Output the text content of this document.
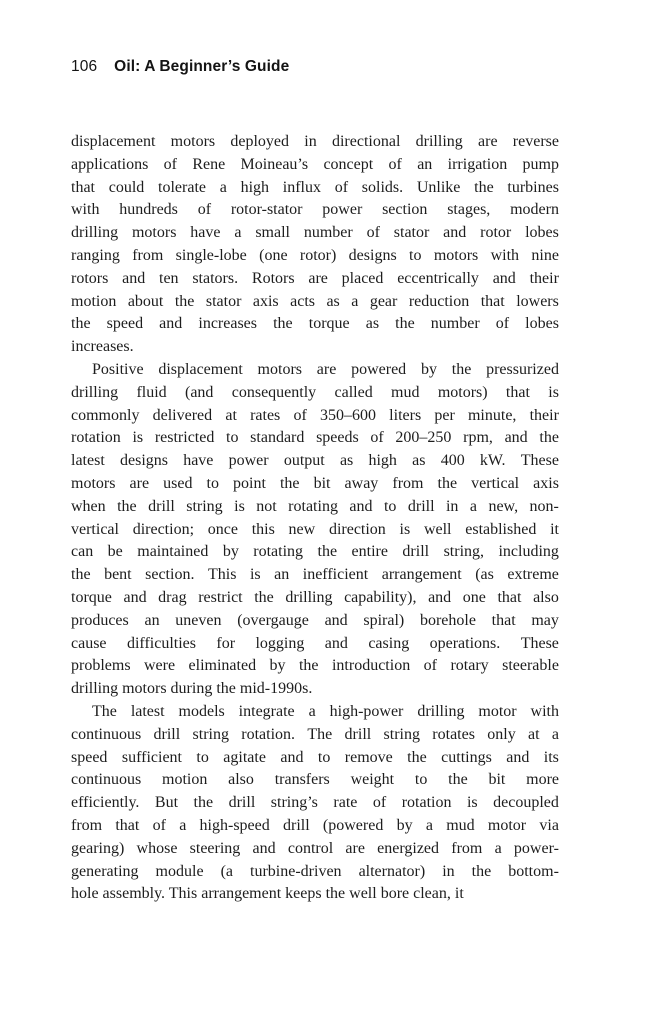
106 Oil: A Beginner’s Guide
displacement motors deployed in directional drilling are reverse
applications of Rene Moineau’s concept of an irrigation pump
that could tolerate a high influx of solids. Unlike the turbines
with hundreds of rotor-stator power section stages, modern
drilling motors have a small number of stator and rotor lobes
ranging from single-lobe (one rotor) designs to motors with nine
rotors and ten stators. Rotors are placed eccentrically and their
motion about the stator axis acts as a gear reduction that lowers
the speed and increases the torque as the number of lobes
increases.
Positive displacement motors are powered by the pressurized
drilling fluid (and consequently called mud motors) that is
commonly delivered at rates of 350–600 liters per minute, their
rotation is restricted to standard speeds of 200–250 rpm, and the
latest designs have power output as high as 400 kW. These
motors are used to point the bit away from the vertical axis
when the drill string is not rotating and to drill in a new, non-
vertical direction; once this new direction is well established it
can be maintained by rotating the entire drill string, including
the bent section. This is an inefficient arrangement (as extreme
torque and drag restrict the drilling capability), and one that also
produces an uneven (overgauge and spiral) borehole that may
cause difficulties for logging and casing operations. These
problems were eliminated by the introduction of rotary steerable
drilling motors during the mid-1990s.
The latest models integrate a high-power drilling motor with
continuous drill string rotation. The drill string rotates only at a
speed sufficient to agitate and to remove the cuttings and its
continuous motion also transfers weight to the bit more
efficiently. But the drill string’s rate of rotation is decoupled
from that of a high-speed drill (powered by a mud motor via
gearing) whose steering and control are energized from a power-
generating module (a turbine-driven alternator) in the bottom-
hole assembly. This arrangement keeps the well bore clean, it
